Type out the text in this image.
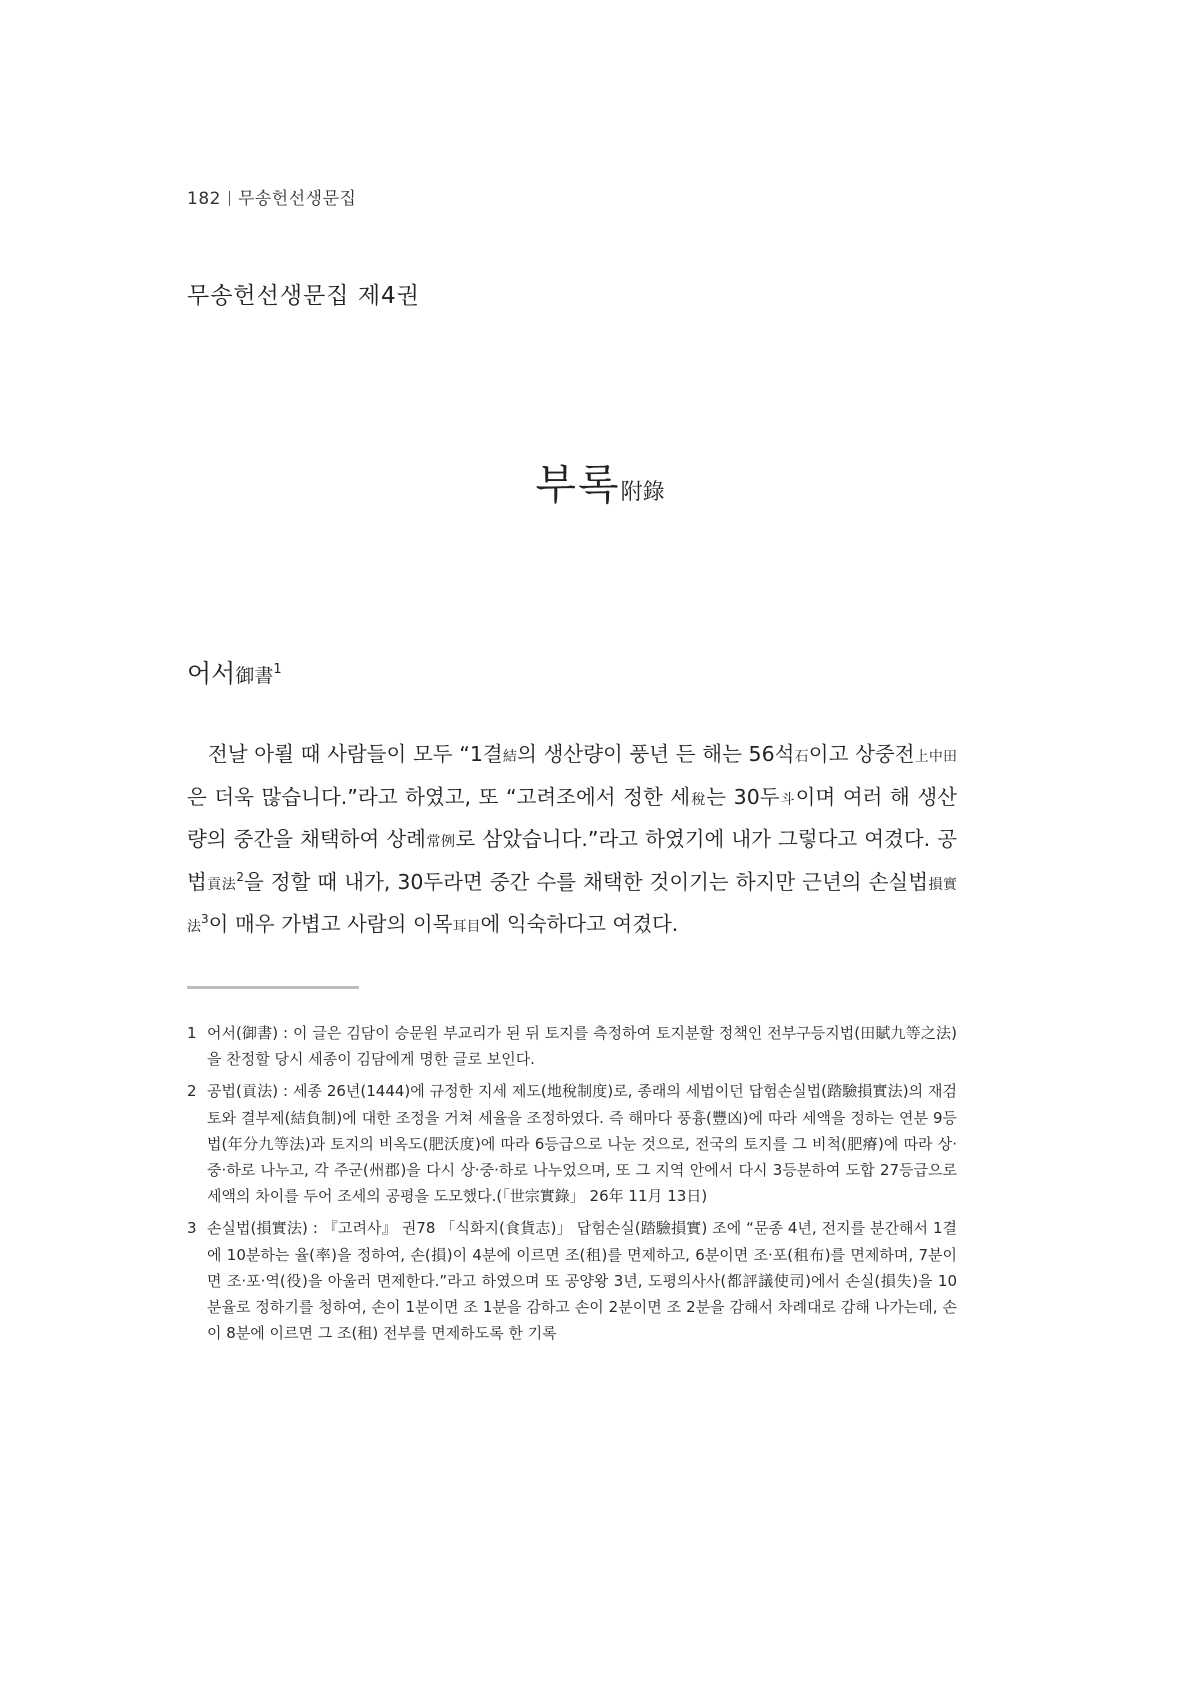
182 무송헌선생문집
무송헌선생문집 제4권
부록附錄
어서御書$^1$

전날 아뢸 때 사람들이 모두 “1결結의 생산량이 풍년 든 해는 56석石이고 상중전上中田은 더욱 많습니다.”라고 하였고, 또 “고려조에서 정한 세稅는 30두斗이며 여러 해 생산량의 중간을 채택하여 상례常例로 삼았습니다.”라고 하였기에 내가 그렇다고 여겼다. 공법貢法$^2$을 정할 때 내가, 30두라면 중간 수를 채택한 것이기는 하지만 근년의 손실법損實法$^3$이 매우 가볍고 사람의 이목耳目에 익숙하다고 여겼다.

1 어서(御書) : 이 글은 김담이 승문원 부교리가 된 뒤 토지를 측정하여 토지분할 정책인 전부구등지법(田賦九等之法)을 찬정할 당시 세종이 김담에게 명한 글로 보인다.
2 공법(貢法) : 세종 26년(1444)에 규정한 지세 제도(地稅制度)로, 종래의 세법이던 답험손실법(踏驗損實法)의 재검토와 결부제(結負制)에 대한 조정을 거쳐 세율을 조정하였다. 즉 해마다 풍흉(豐凶)에 따라 세액을 정하는 연분 9등법(年分九等法)과 토지의 비옥도(肥沃度)에 따라 6등급으로 나눈 것으로, 전국의 토지를 그 비척(肥瘠)에 따라 상·중·하로 나누고, 각 주군(州郡)을 다시 상·중·하로 나누었으며, 또 그 지역 안에서 다시 3등분하여 도합 27등급으로 세액의 차이를 두어 조세의 공평을 도모했다.(「世宗實錄」 26年 11月 13日)
3 손실법(損實法) : 『고려사』 권78 「식화지(食貨志)」 답험손실(踏驗損實) 조에 “문종 4년, 전지를 분간해서 1결에 10분하는 율(率)을 정하여, 손(損)이 4분에 이르면 조(租)를 면제하고, 6분이면 조·포(租布)를 면제하며, 7분이면 조·포·역(役)을 아울러 면제한다.”라고 하였으며 또 공양왕 3년, 도평의사사(都評議使司)에서 손실(損失)을 10분율로 정하기를 청하여, 손이 1분이면 조 1분을 감하고 손이 2분이면 조 2분을 감해서 차례대로 감해 나가는데, 손이 8분에 이르면 그 조(租) 전부를 면제하도록 한 기록
